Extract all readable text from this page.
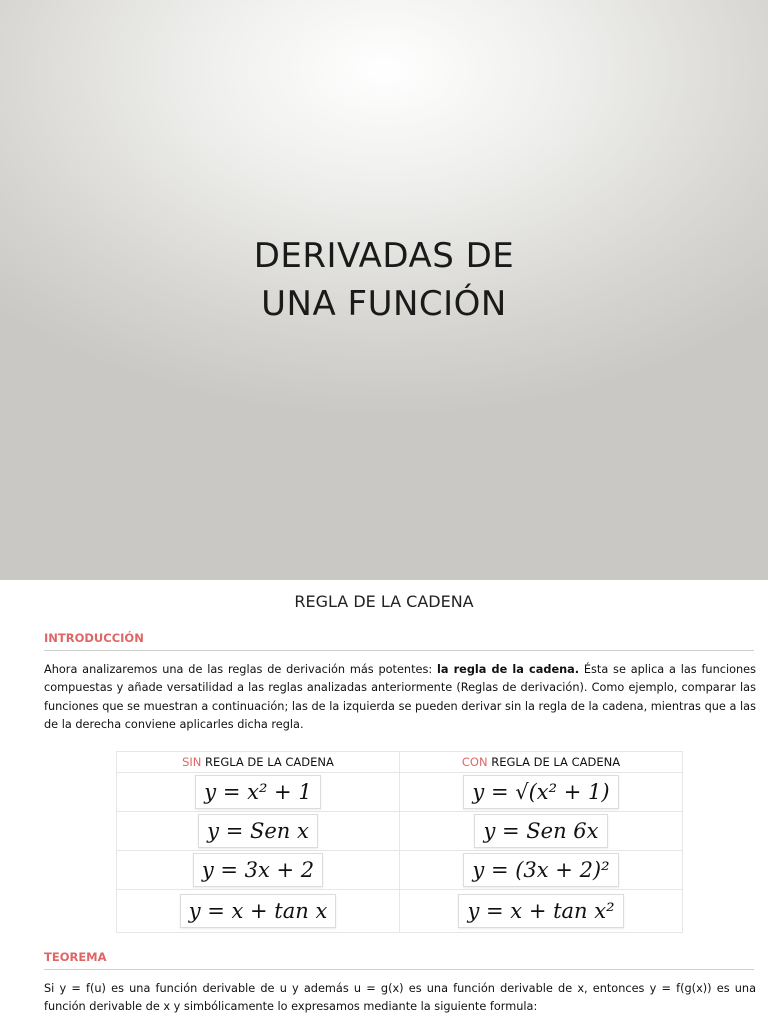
DERIVADAS DE
UNA FUNCIÓN
REGLA DE LA CADENA
INTRODUCCIÓN
Ahora analizaremos una de las reglas de derivación más potentes: la regla de la cadena. Ésta se aplica a las funciones compuestas y añade versatilidad a las reglas analizadas anteriormente (Reglas de derivación). Como ejemplo, comparar las funciones que se muestran a continuación; las de la izquierda se pueden derivar sin la regla de la cadena, mientras que a las de la derecha conviene aplicarles dicha regla.
SIN REGLA DE LA CADENA	CON REGLA DE LA CADENA
y = x² + 1	y = √(x² + 1)
y = Sen x	y = Sen 6x
y = 3x + 2	y = (3x + 2)²
y = x + tan x	y = x + tan x²
TEOREMA
Si y = f(u) es una función derivable de u y además u = g(x) es una función derivable de x, entonces y = f(g(x)) es una función derivable de x y simbólicamente lo expresamos mediante la siguiente formula:
